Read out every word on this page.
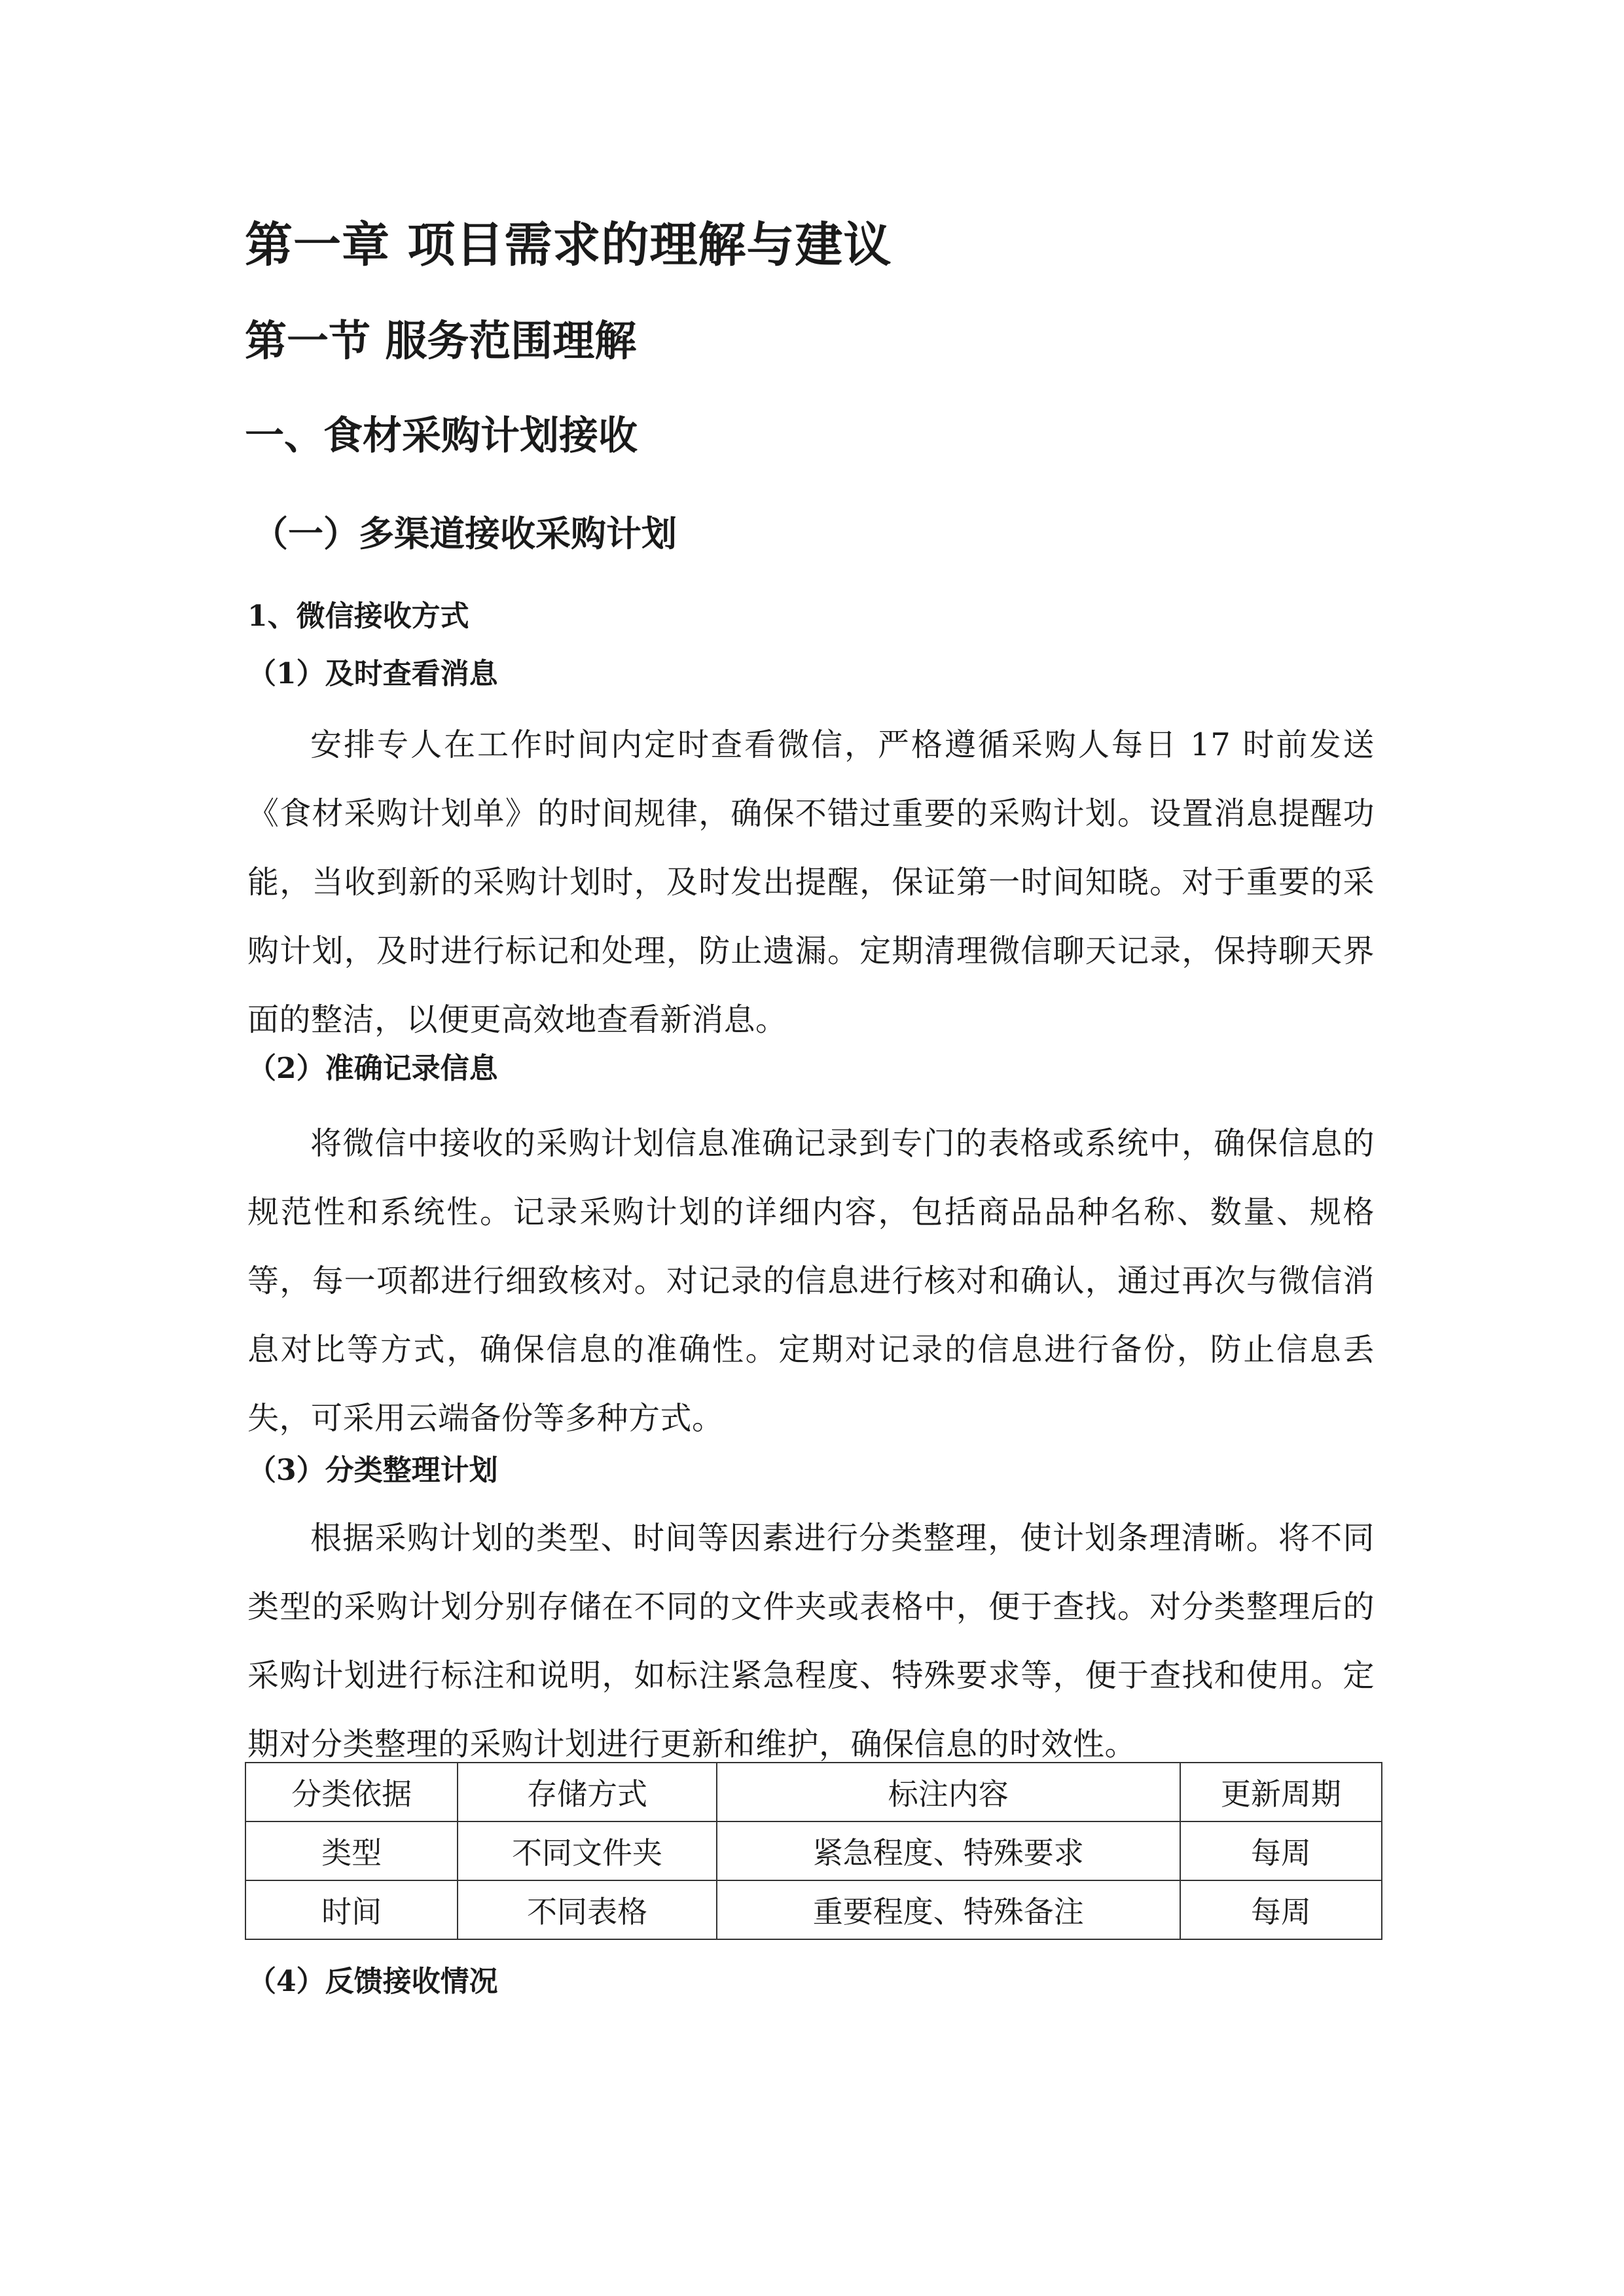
第一章 项目需求的理解与建议
第一节 服务范围理解
一、食材采购计划接收
（一）多渠道接收采购计划
1、微信接收方式
（1）及时查看消息

安排专人在工作时间内定时查看微信，严格遵循采购人每日 17 时前发送《食材采购计划单》的时间规律，确保不错过重要的采购计划。设置消息提醒功能，当收到新的采购计划时，及时发出提醒，保证第一时间知晓。对于重要的采购计划，及时进行标记和处理，防止遗漏。定期清理微信聊天记录，保持聊天界面的整洁，以便更高效地查看新消息。

（2）准确记录信息

将微信中接收的采购计划信息准确记录到专门的表格或系统中，确保信息的规范性和系统性。记录采购计划的详细内容，包括商品品种名称、数量、规格等，每一项都进行细致核对。对记录的信息进行核对和确认，通过再次与微信消息对比等方式，确保信息的准确性。定期对记录的信息进行备份，防止信息丢失，可采用云端备份等多种方式。

（3）分类整理计划

根据采购计划的类型、时间等因素进行分类整理，使计划条理清晰。将不同类型的采购计划分别存储在不同的文件夹或表格中，便于查找。对分类整理后的采购计划进行标注和说明，如标注紧急程度、特殊要求等，便于查找和使用。定期对分类整理的采购计划进行更新和维护，确保信息的时效性。

分类依据	存储方式	标注内容	更新周期
类型	不同文件夹	紧急程度、特殊要求	每周
时间	不同表格	重要程度、特殊备注	每周
（4）反馈接收情况
